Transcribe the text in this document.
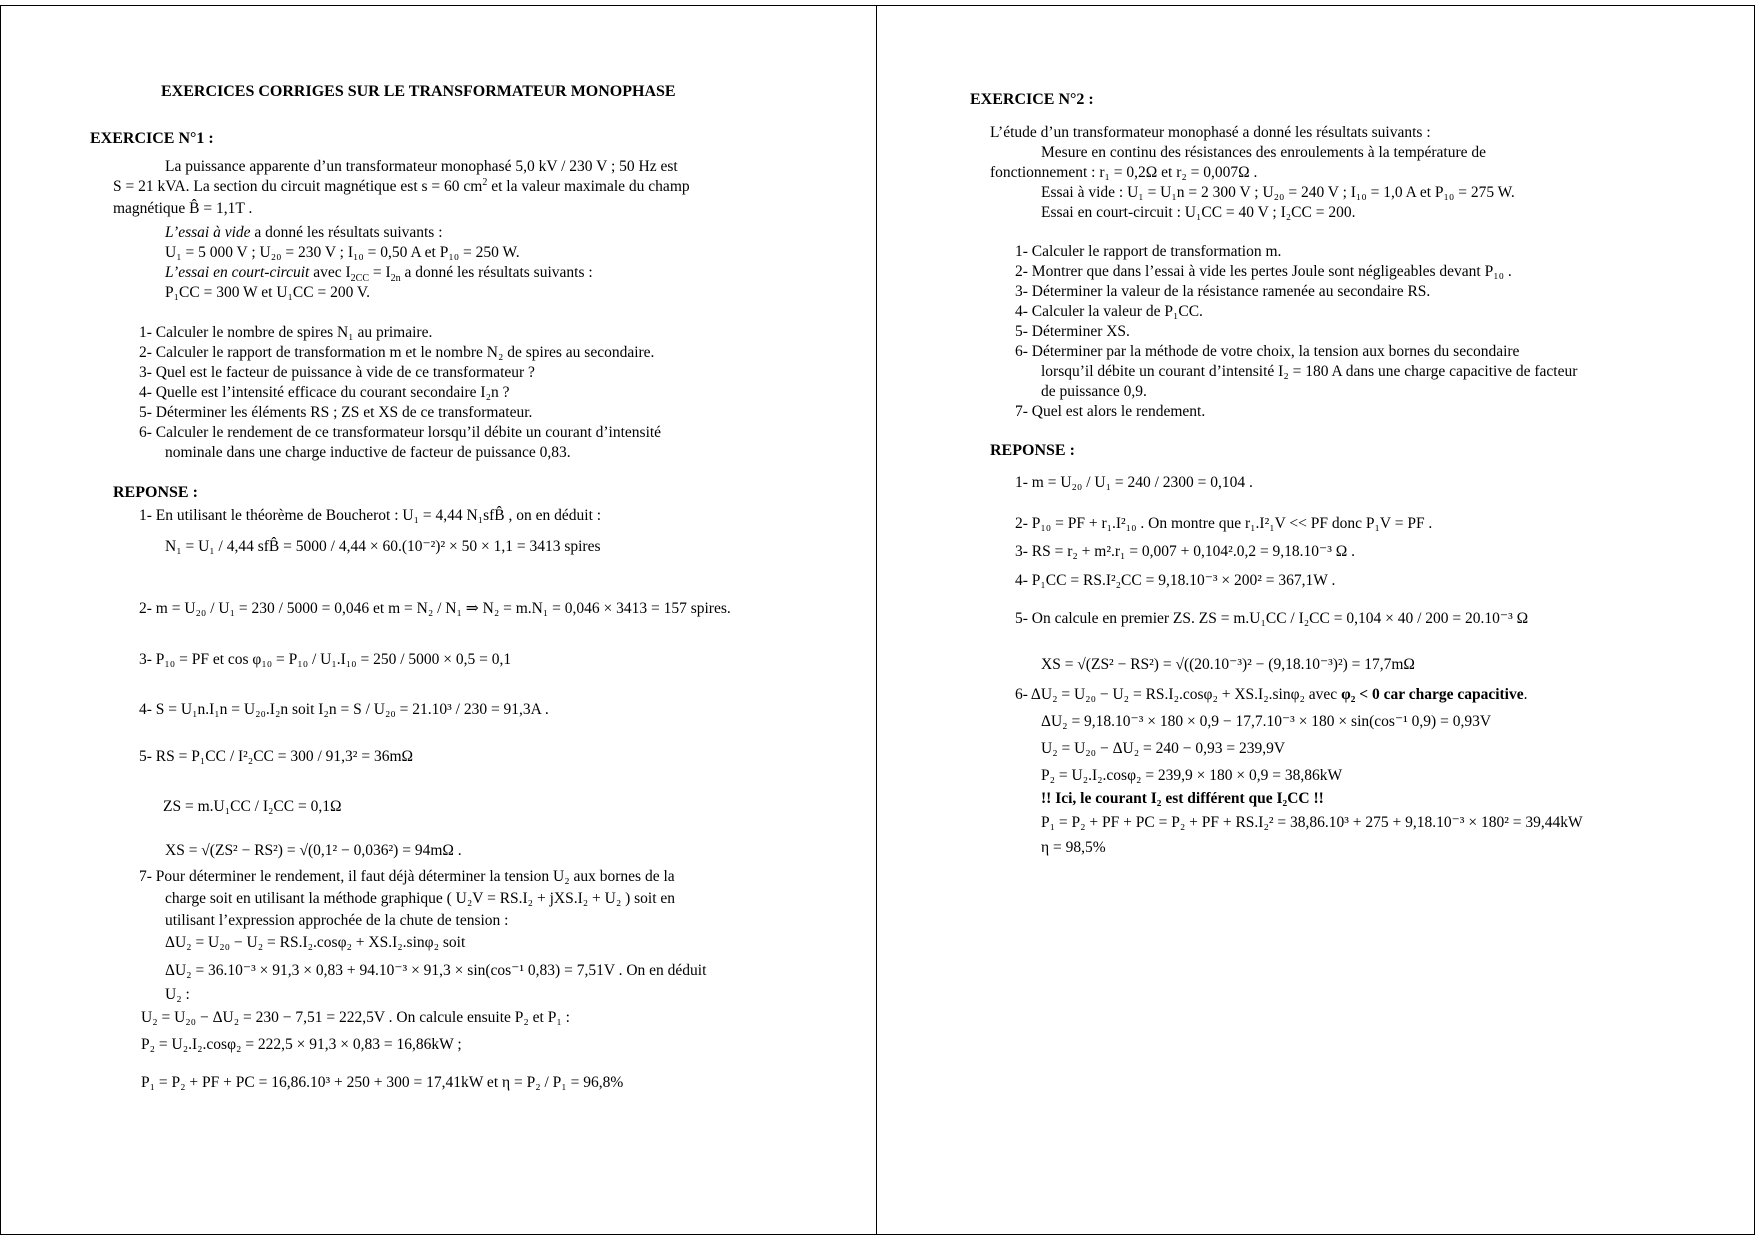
EXERCICES CORRIGES SUR LE TRANSFORMATEUR MONOPHASE
EXERCICE N°1 :
La puissance apparente d’un transformateur monophasé 5,0 kV / 230 V ; 50 Hz est
S = 21 kVA. La section du circuit magnétique est s = 60 $cm^2$ et la valeur maximale du champ
magnétique B̂ = 1,1T .
L’essai à vide a donné les résultats suivants :
U₁ = 5 000 V ; U₂₀ = 230 V ; I₁₀ = 0,50 A et P₁₀ = 250 W.
L’essai en court-circuit avec $I_{2CC} = I_{2n}$ a donné les résultats suivants :
P₁CC = 300 W et U₁CC = 200 V.
1- Calculer le nombre de spires N₁ au primaire.
2- Calculer le rapport de transformation m et le nombre N₂ de spires au secondaire.
3- Quel est le facteur de puissance à vide de ce transformateur ?
4- Quelle est l’intensité efficace du courant secondaire I₂n ?
5- Déterminer les éléments RS ; ZS et XS de ce transformateur.
6- Calculer le rendement de ce transformateur lorsqu’il débite un courant d’intensité
nominale dans une charge inductive de facteur de puissance 0,83.
REPONSE :
1- En utilisant le théorème de Boucherot : U₁ = 4,44 N₁sfB̂ , on en déduit :
N₁ = U₁ / 4,44 sfB̂ = 5000 / 4,44 × 60.(10⁻²)² × 50 × 1,1 = 3413 spires
2- m = U₂₀ / U₁ = 230 / 5000 = 0,046 et m = N₂ / N₁ ⇒ N₂ = m.N₁ = 0,046 × 3413 = 157 spires.
3- P₁₀ = PF et cos φ₁₀ = P₁₀ / U₁.I₁₀ = 250 / 5000 × 0,5 = 0,1
4- S = U₁n.I₁n = U₂₀.I₂n soit I₂n = S / U₂₀ = 21.10³ / 230 = 91,3A .
5- RS = P₁CC / I²₂CC = 300 / 91,3² = 36mΩ
ZS = m.U₁CC / I₂CC = 0,1Ω
XS = √(ZS² − RS²) = √(0,1² − 0,036²) = 94mΩ .
7- Pour déterminer le rendement, il faut déjà déterminer la tension U₂ aux bornes de la
charge soit en utilisant la méthode graphique ( U₂V = RS.I₂ + jXS.I₂ + U₂ ) soit en
utilisant l’expression approchée de la chute de tension :
ΔU₂ = U₂₀ − U₂ = RS.I₂.cosφ₂ + XS.I₂.sinφ₂ soit
ΔU₂ = 36.10⁻³ × 91,3 × 0,83 + 94.10⁻³ × 91,3 × sin(cos⁻¹ 0,83) = 7,51V . On en déduit
U₂ :
U₂ = U₂₀ − ΔU₂ = 230 − 7,51 = 222,5V . On calcule ensuite P₂ et P₁ :
P₂ = U₂.I₂.cosφ₂ = 222,5 × 91,3 × 0,83 = 16,86kW ;
P₁ = P₂ + PF + PC = 16,86.10³ + 250 + 300 = 17,41kW et η = P₂ / P₁ = 96,8%
EXERCICE N°2 :
L’étude d’un transformateur monophasé a donné les résultats suivants :
Mesure en continu des résistances des enroulements à la température de
fonctionnement : r₁ = 0,2Ω et r₂ = 0,007Ω .
Essai à vide : U₁ = U₁n = 2 300 V ; U₂₀ = 240 V ; I₁₀ = 1,0 A et P₁₀ = 275 W.
Essai en court-circuit : U₁CC = 40 V ; I₂CC = 200.
1- Calculer le rapport de transformation m.
2- Montrer que dans l’essai à vide les pertes Joule sont négligeables devant P₁₀ .
3- Déterminer la valeur de la résistance ramenée au secondaire RS.
4- Calculer la valeur de P₁CC.
5- Déterminer XS.
6- Déterminer par la méthode de votre choix, la tension aux bornes du secondaire
lorsqu’il débite un courant d’intensité I₂ = 180 A dans une charge capacitive de facteur
de puissance 0,9.
7- Quel est alors le rendement.
REPONSE :
1- m = U₂₀ / U₁ = 240 / 2300 = 0,104 .
2- P₁₀ = PF + r₁.I²₁₀ . On montre que r₁.I²₁V << PF donc P₁V = PF .
3- RS = r₂ + m².r₁ = 0,007 + 0,104².0,2 = 9,18.10⁻³ Ω .
4- P₁CC = RS.I²₂CC = 9,18.10⁻³ × 200² = 367,1W .
5- On calcule en premier ZS. ZS = m.U₁CC / I₂CC = 0,104 × 40 / 200 = 20.10⁻³ Ω
XS = √(ZS² − RS²) = √((20.10⁻³)² − (9,18.10⁻³)²) = 17,7mΩ
6- ΔU₂ = U₂₀ − U₂ = RS.I₂.cosφ₂ + XS.I₂.sinφ₂ avec φ₂ < 0 car charge capacitive.
ΔU₂ = 9,18.10⁻³ × 180 × 0,9 − 17,7.10⁻³ × 180 × sin(cos⁻¹ 0,9) = 0,93V
U₂ = U₂₀ − ΔU₂ = 240 − 0,93 = 239,9V
P₂ = U₂.I₂.cosφ₂ = 239,9 × 180 × 0,9 = 38,86kW
!! Ici, le courant I₂ est différent que I₂CC !!
P₁ = P₂ + PF + PC = P₂ + PF + RS.I₂² = 38,86.10³ + 275 + 9,18.10⁻³ × 180² = 39,44kW
η = 98,5%
